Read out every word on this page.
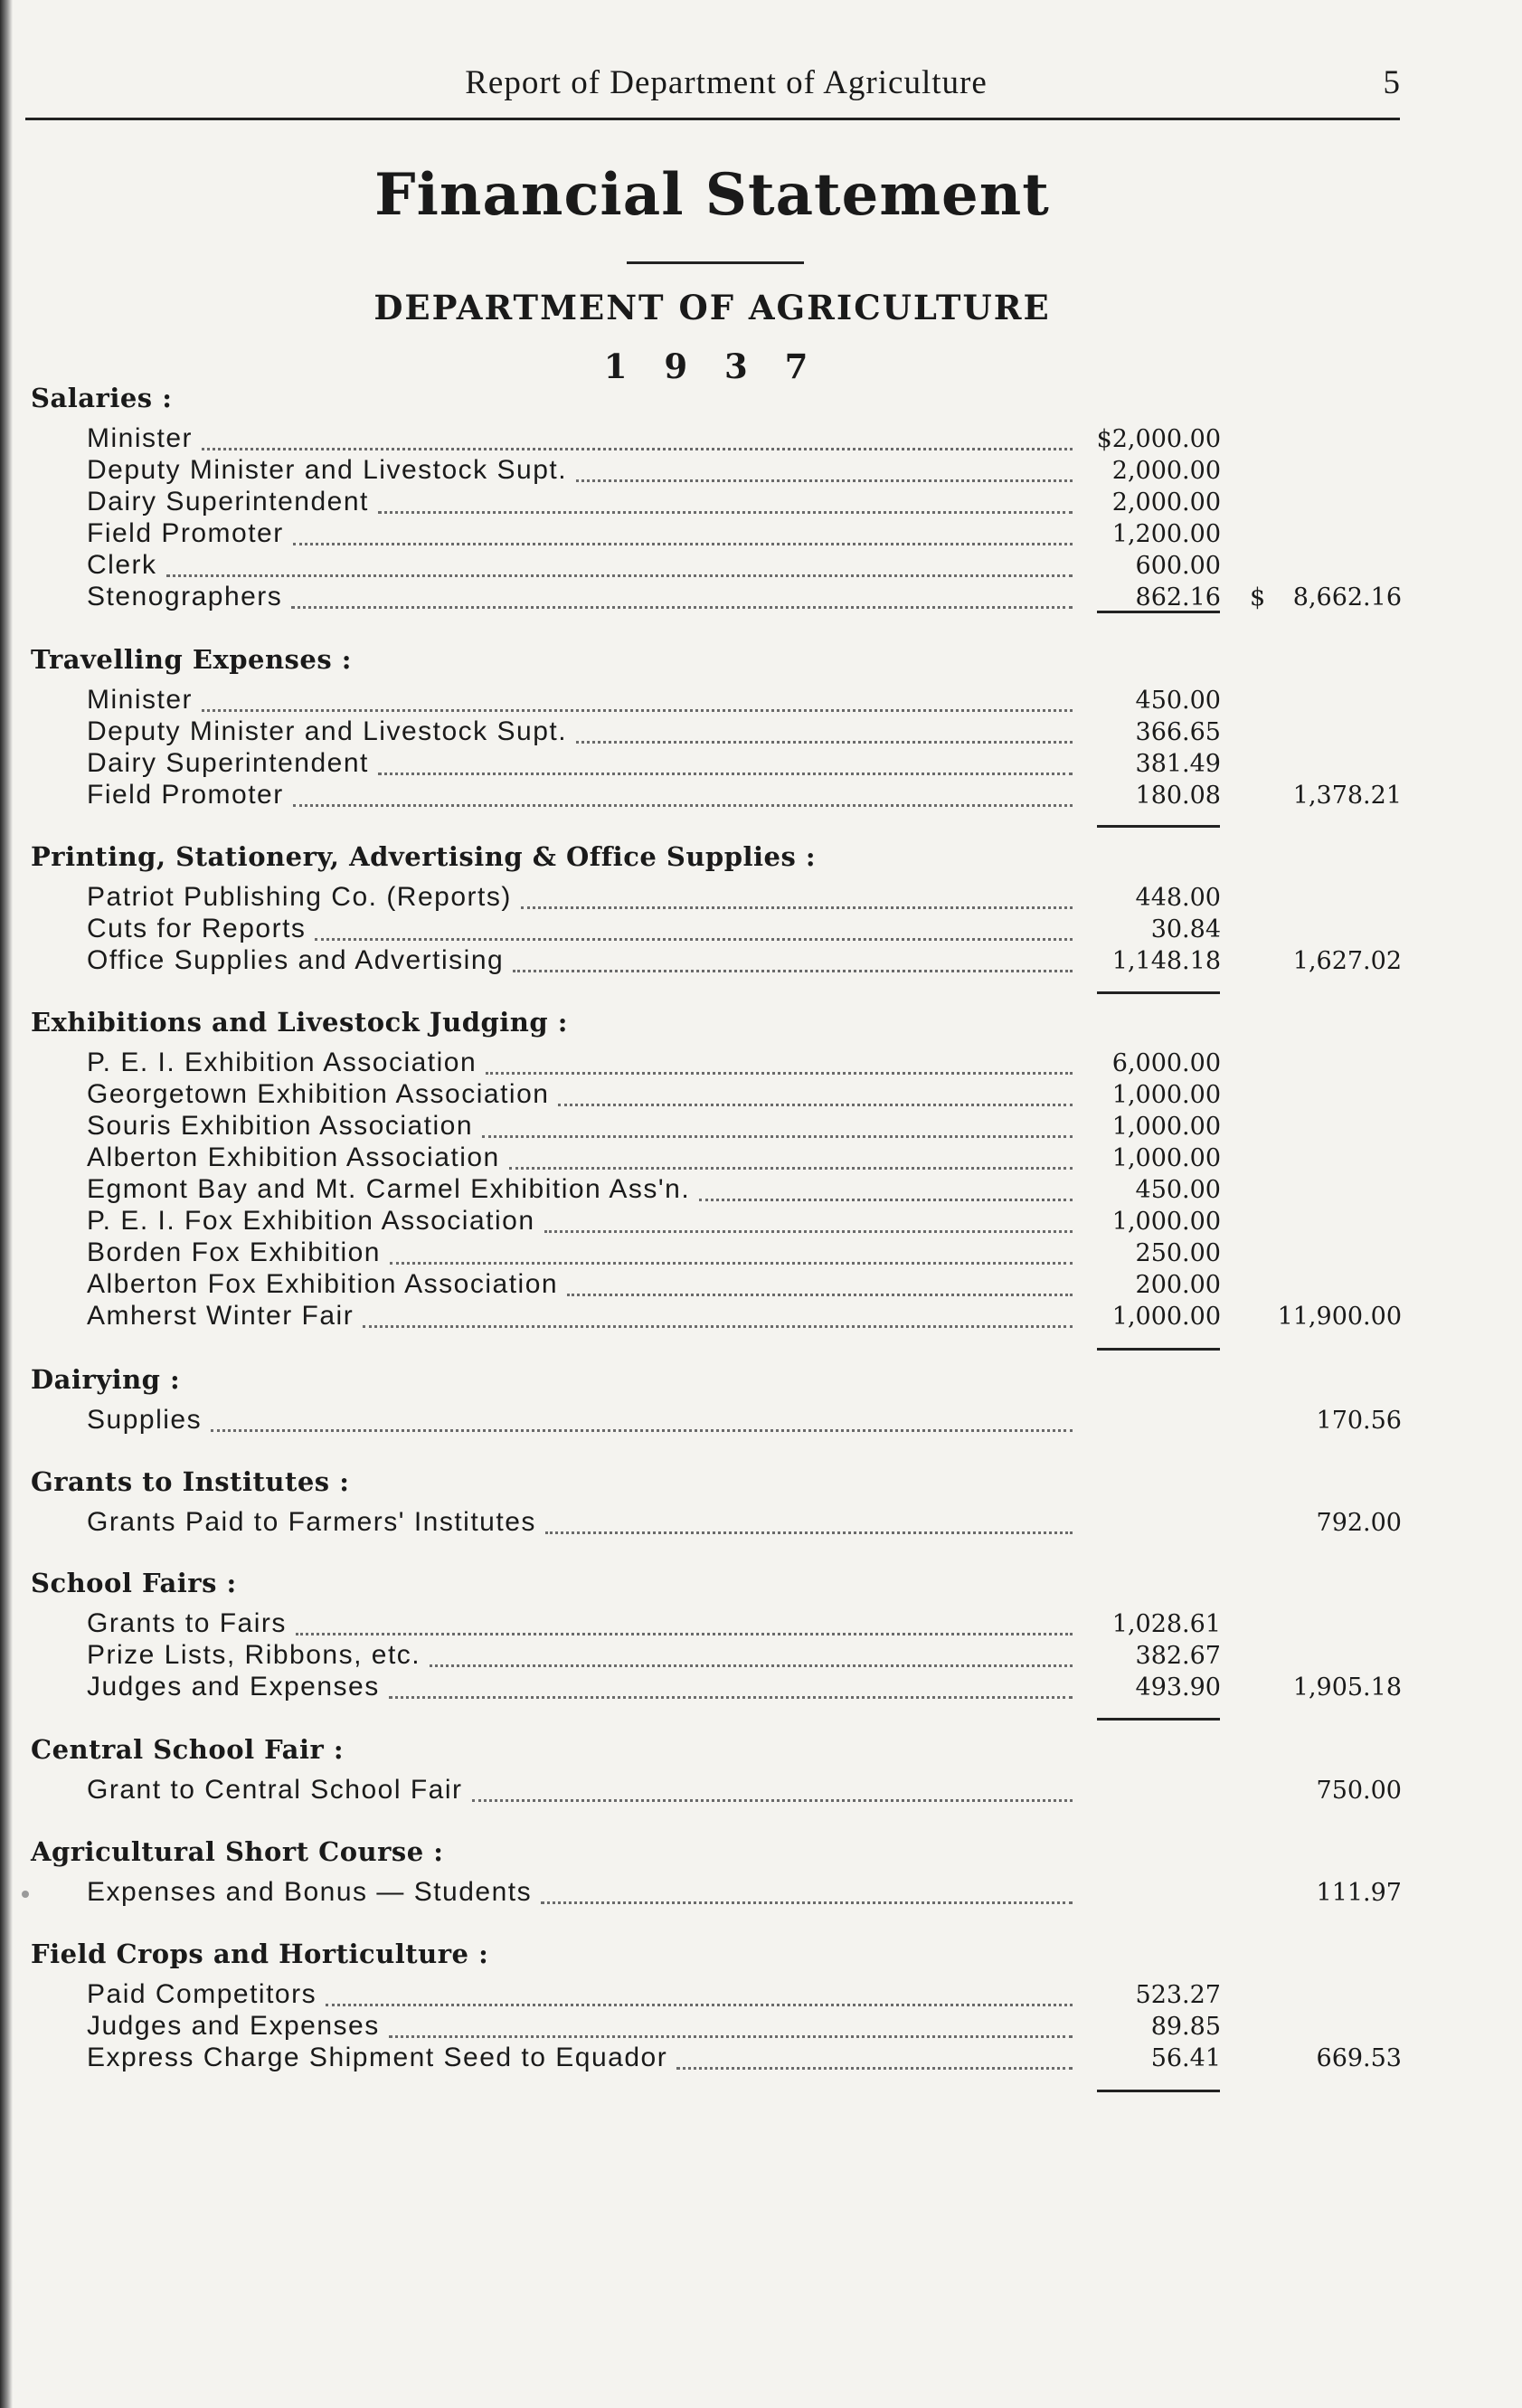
Report of Department of Agriculture	5
Financial Statement
DEPARTMENT OF AGRICULTURE
1 9 3 7
Salaries :
Minister	$2,000.00
Deputy Minister and Livestock Supt.	2,000.00
Dairy Superintendent	2,000.00
Field Promoter	1,200.00
Clerk	600.00
Stenographers	862.16 $	8,662.16
Travelling Expenses :
Minister	450.00
Deputy Minister and Livestock Supt.	366.65
Dairy Superintendent	381.49
Field Promoter	180.08	1,378.21
Printing, Stationery, Advertising & Office Supplies :
Patriot Publishing Co. (Reports)	448.00
Cuts for Reports	30.84
Office Supplies and Advertising	1,148.18	1,627.02
Exhibitions and Livestock Judging :
P. E. I. Exhibition Association	6,000.00
Georgetown Exhibition Association	1,000.00
Souris Exhibition Association	1,000.00
Alberton Exhibition Association	1,000.00
Egmont Bay and Mt. Carmel Exhibition Ass'n.	450.00
P. E. I. Fox Exhibition Association	1,000.00
Borden Fox Exhibition	250.00
Alberton Fox Exhibition Association	200.00
Amherst Winter Fair	1,000.00	11,900.00
Dairying :
Supplies	170.56
Grants to Institutes :
Grants Paid to Farmers' Institutes	792.00
School Fairs :
Grants to Fairs	1,028.61
Prize Lists, Ribbons, etc.	382.67
Judges and Expenses	493.90	1,905.18
Central School Fair :
Grant to Central School Fair	750.00
Agricultural Short Course :
Expenses and Bonus — Students	111.97
Field Crops and Horticulture :
Paid Competitors	523.27
Judges and Expenses	89.85
Express Charge Shipment Seed to Equador	56.41	669.53
